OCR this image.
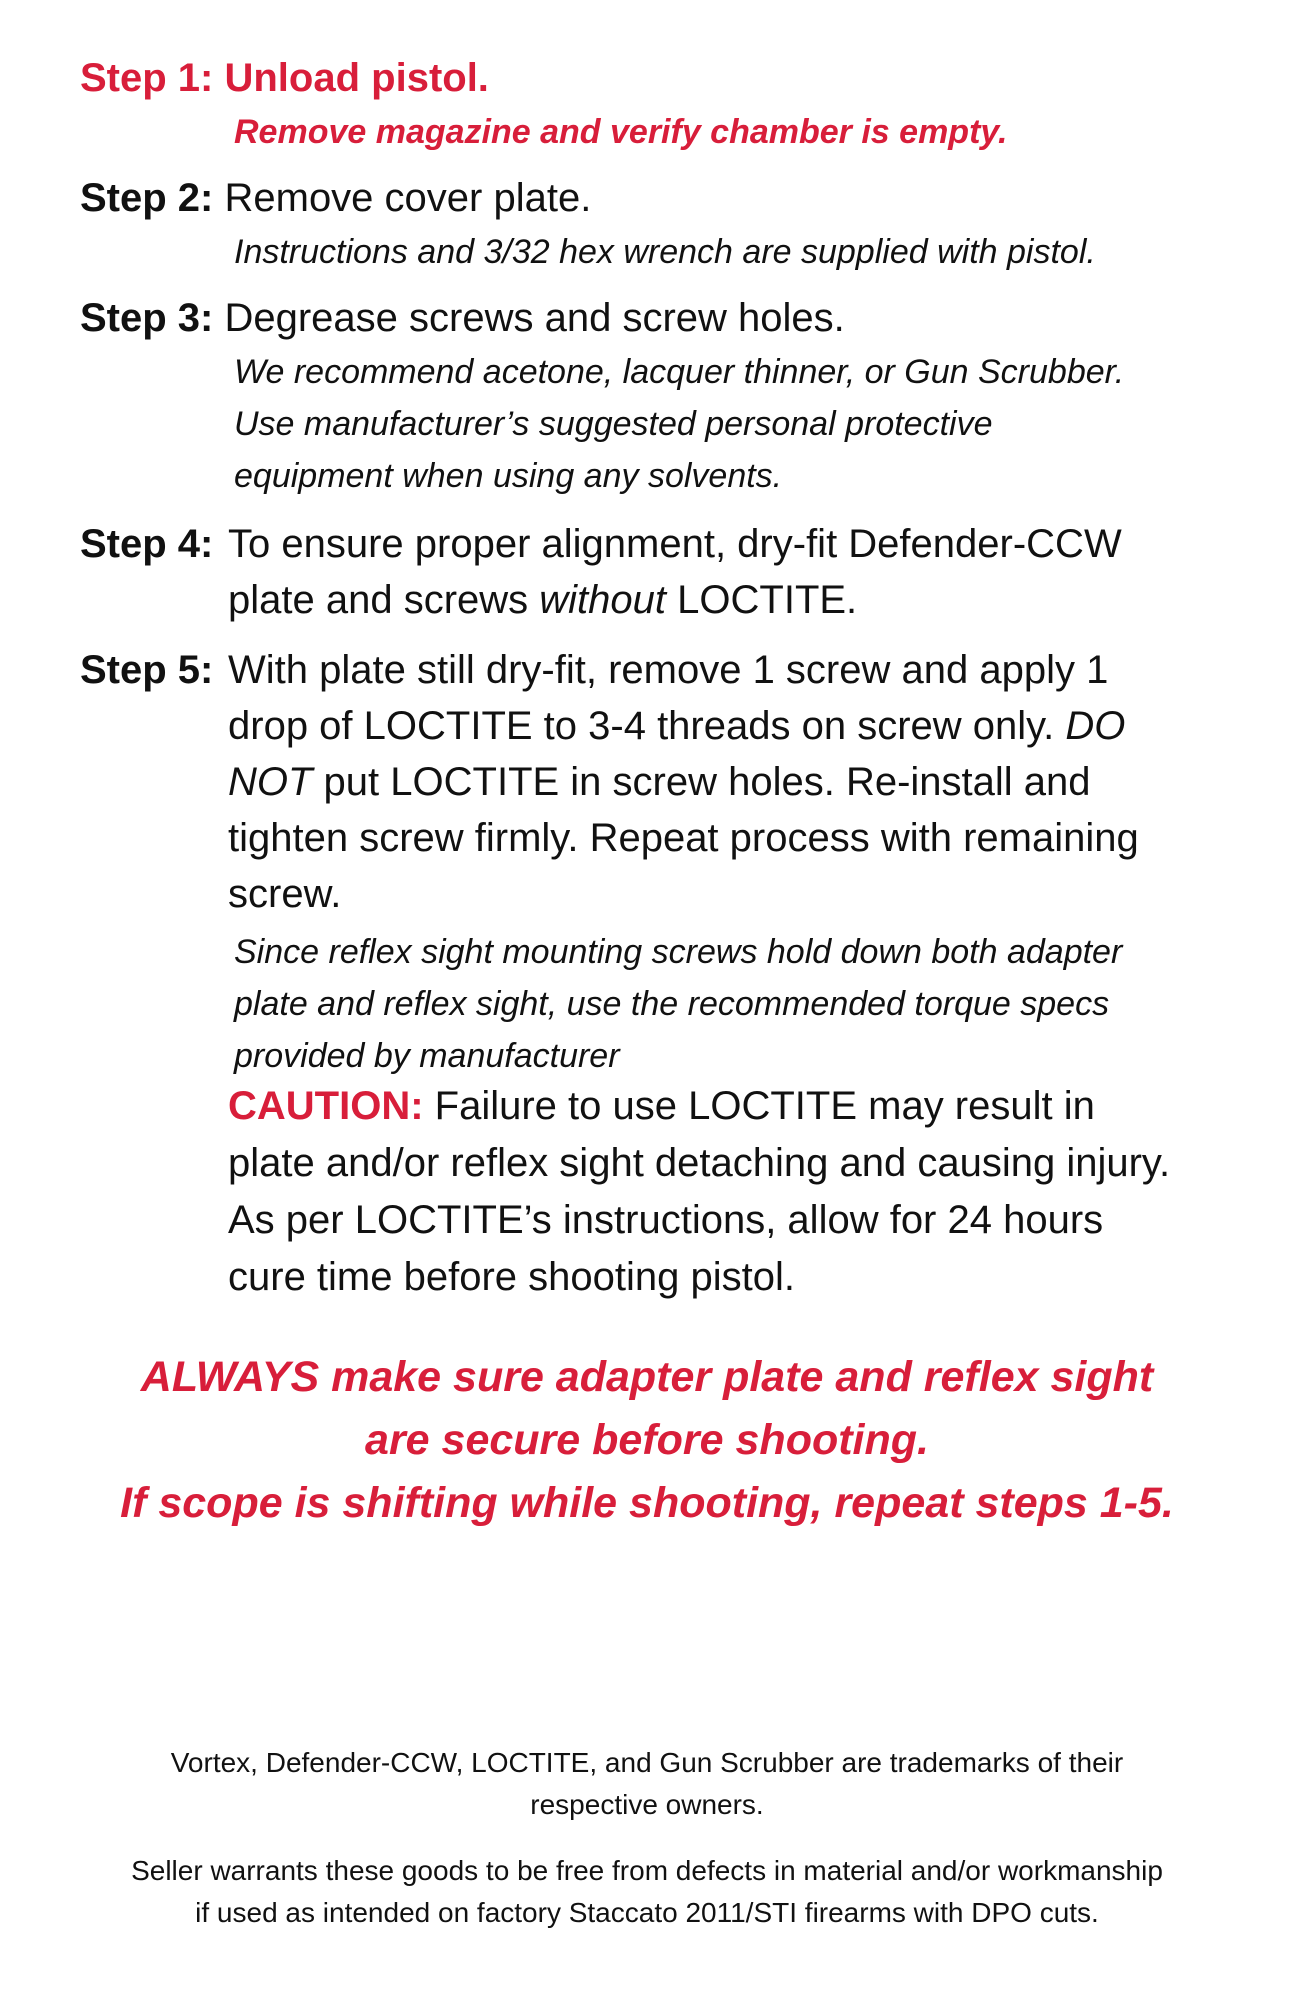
Step 1: Unload pistol.
Remove magazine and verify chamber is empty.
Step 2: Remove cover plate.
Instructions and 3/32 hex wrench are supplied with pistol.
Step 3: Degrease screws and screw holes.
We recommend acetone, lacquer thinner, or Gun Scrubber.
Use manufacturer’s suggested personal protective
equipment when using any solvents.
Step 4: To ensure proper alignment, dry-fit Defender-CCW
plate and screws without LOCTITE.
Step 5: With plate still dry-fit, remove 1 screw and apply 1
drop of LOCTITE to 3-4 threads on screw only. DO
NOT put LOCTITE in screw holes. Re-install and
tighten screw firmly. Repeat process with remaining
screw.
Since reflex sight mounting screws hold down both adapter
plate and reflex sight, use the recommended torque specs
provided by manufacturer
CAUTION: Failure to use LOCTITE may result in
plate and/or reflex sight detaching and causing injury.
As per LOCTITE’s instructions, allow for 24 hours
cure time before shooting pistol.
ALWAYS make sure adapter plate and reflex sight
are secure before shooting.
If scope is shifting while shooting, repeat steps 1-5.
Vortex, Defender-CCW, LOCTITE, and Gun Scrubber are trademarks of their
respective owners.
Seller warrants these goods to be free from defects in material and/or workmanship
if used as intended on factory Staccato 2011/STI firearms with DPO cuts.
